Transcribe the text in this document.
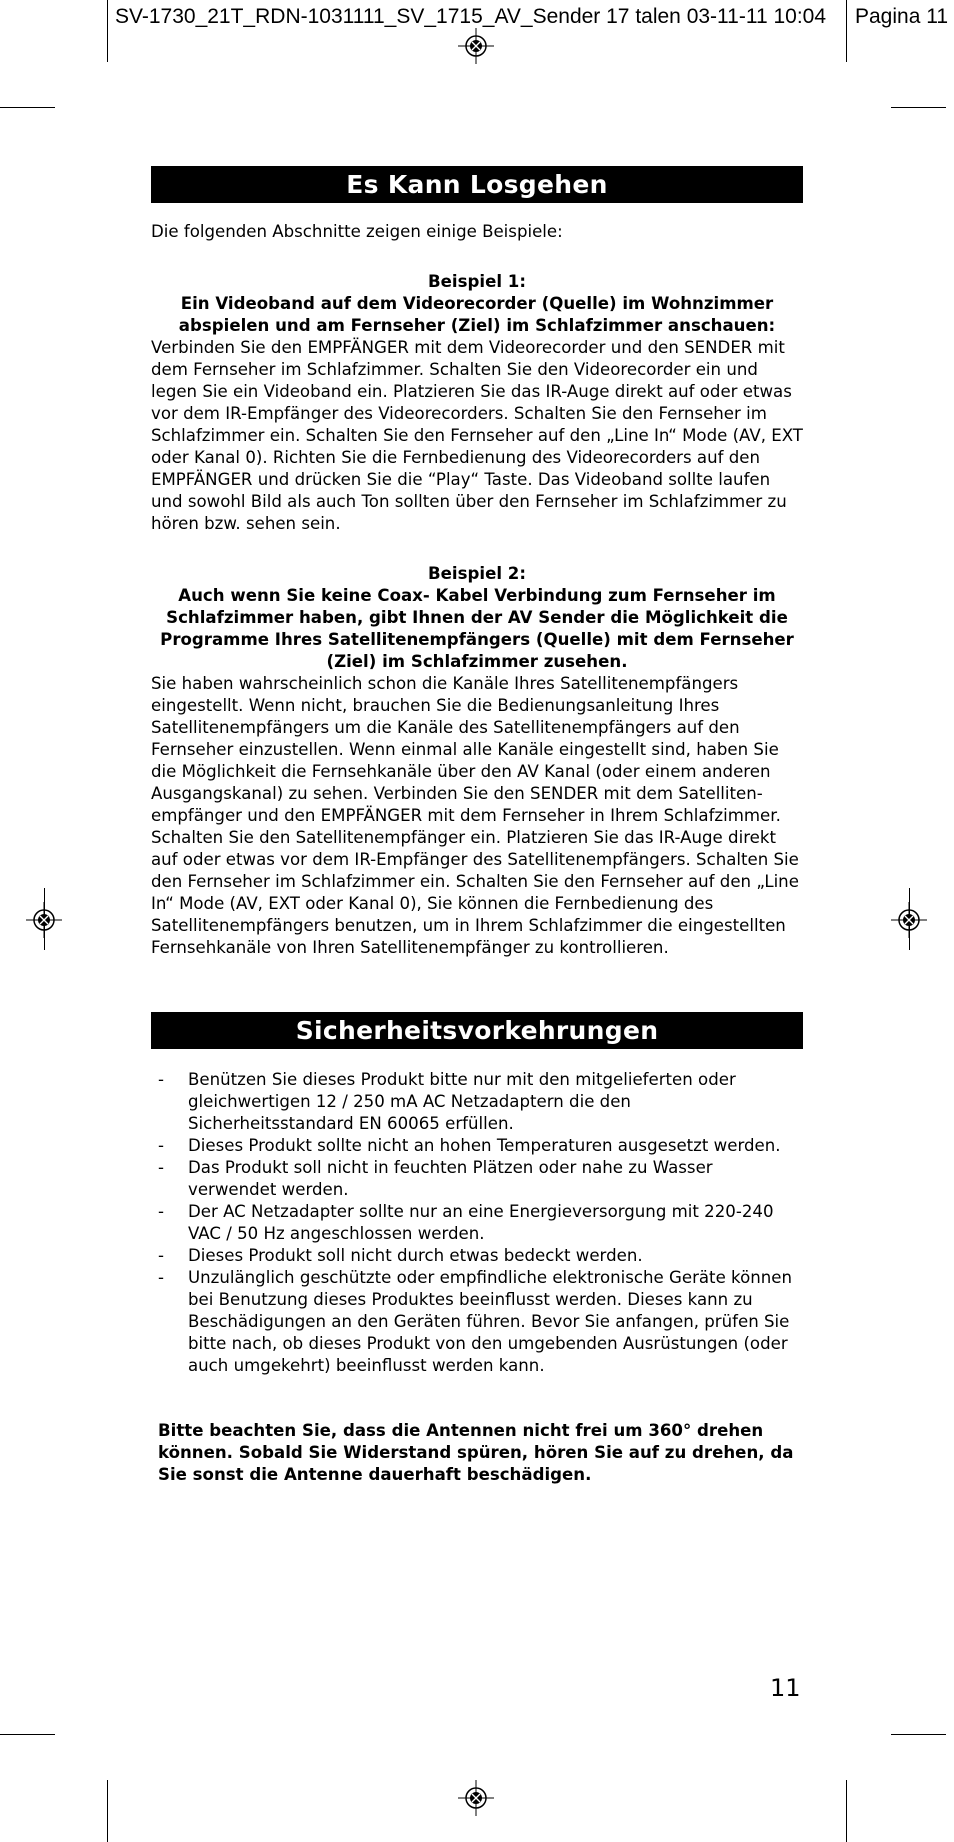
SV-1730_21T_RDN-1031111_SV_1715_AV_Sender 17 talen 03-11-11 10:04 Pagina 11
Es Kann Losgehen

Die folgenden Abschnitte zeigen einige Beispiele:

Beispiel 1:
Ein Videoband auf dem Videorecorder (Quelle) im Wohnzimmer abspielen und am Fernseher (Ziel) im Schlafzimmer anschauen:

Verbinden Sie den EMPFÄNGER mit dem Videorecorder und den SENDER mit dem Fernseher im Schlafzimmer. Schalten Sie den Videorecorder ein und legen Sie ein Videoband ein. Platzieren Sie das IR-Auge direkt auf oder etwas vor dem IR-Empfänger des Videorecorders. Schalten Sie den Fernseher im Schlafzimmer ein. Schalten Sie den Fernseher auf den „Line In“ Mode (AV, EXT oder Kanal 0). Richten Sie die Fernbedienung des Videorecorders auf den EMPFÄNGER und drücken Sie die “Play“ Taste. Das Videoband sollte laufen und sowohl Bild als auch Ton sollten über den Fernseher im Schlafzimmer zu hören bzw. sehen sein.

Beispiel 2:
Auch wenn Sie keine Coax- Kabel Verbindung zum Fernseher im Schlafzimmer haben, gibt Ihnen der AV Sender die Möglichkeit die Programme Ihres Satellitenempfängers (Quelle) mit dem Fernseher (Ziel) im Schlafzimmer zusehen.

Sie haben wahrscheinlich schon die Kanäle Ihres Satellitenempfängers eingestellt. Wenn nicht, brauchen Sie die Bedienungsanleitung Ihres Satellitenempfängers um die Kanäle des Satellitenempfängers auf den Fernseher einzustellen. Wenn einmal alle Kanäle eingestellt sind, haben Sie die Möglichkeit die Fernsehkanäle über den AV Kanal (oder einem anderen Ausgangskanal) zu sehen. Verbinden Sie den SENDER mit dem Satelliten-empfänger und den EMPFÄNGER mit dem Fernseher in Ihrem Schlafzimmer. Schalten Sie den Satellitenempfänger ein. Platzieren Sie das IR-Auge direkt auf oder etwas vor dem IR-Empfänger des Satellitenempfängers. Schalten Sie den Fernseher im Schlafzimmer ein. Schalten Sie den Fernseher auf den „Line In“ Mode (AV, EXT oder Kanal 0), Sie können die Fernbedienung des Satellitenempfängers benutzen, um in Ihrem Schlafzimmer die eingestellten Fernsehkanäle von Ihren Satellitenempfänger zu kontrollieren.

Sicherheitsvorkehrungen
- Benützen Sie dieses Produkt bitte nur mit den mitgelieferten oder gleichwertigen 12 / 250 mA AC Netzadaptern die den Sicherheitsstandard EN 60065 erfüllen.
- Dieses Produkt sollte nicht an hohen Temperaturen ausgesetzt werden.
- Das Produkt soll nicht in feuchten Plätzen oder nahe zu Wasser verwendet werden.
- Der AC Netzadapter sollte nur an eine Energieversorgung mit 220-240 VAC / 50 Hz angeschlossen werden.
- Dieses Produkt soll nicht durch etwas bedeckt werden.
- Unzulänglich geschützte oder empfindliche elektronische Geräte können bei Benutzung dieses Produktes beeinflusst werden. Dieses kann zu Beschädigungen an den Geräten führen. Bevor Sie anfangen, prüfen Sie bitte nach, ob dieses Produkt von den umgebenden Ausrüstungen (oder auch umgekehrt) beeinflusst werden kann.

Bitte beachten Sie, dass die Antennen nicht frei um 360° drehen können. Sobald Sie Widerstand spüren, hören Sie auf zu drehen, da Sie sonst die Antenne dauerhaft beschädigen.

11
